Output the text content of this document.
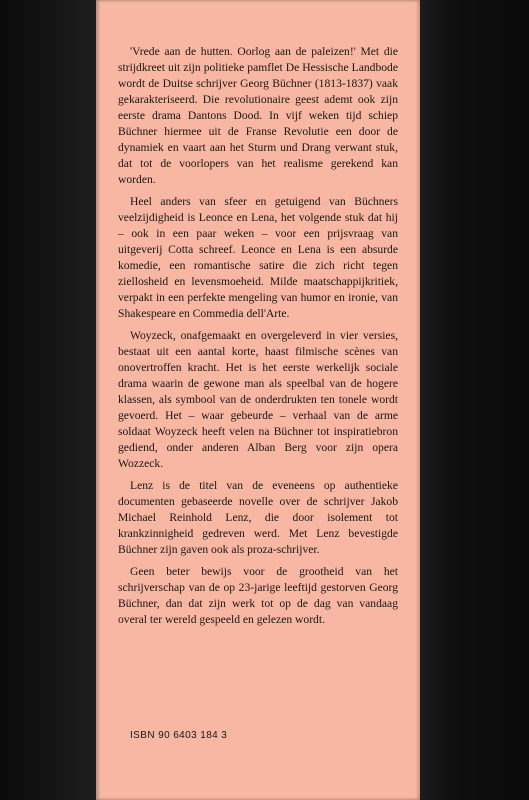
'Vrede aan de hutten. Oorlog aan de paleizen!' Met die strijdkreet uit zijn politieke pamflet De Hessische Landbode wordt de Duitse schrijver Georg Büchner (1813-1837) vaak gekarakteriseerd. Die revolutionaire geest ademt ook zijn eerste drama Dantons Dood. In vijf weken tijd schiep Büchner hiermee uit de Franse Revolutie een door de dynamiek en vaart aan het Sturm und Drang verwant stuk, dat tot de voorlopers van het realisme gerekend kan worden.

Heel anders van sfeer en getuigend van Büchners veelzijdigheid is Leonce en Lena, het volgende stuk dat hij – ook in een paar weken – voor een prijsvraag van uitgeverij Cotta schreef. Leonce en Lena is een absurde komedie, een romantische satire die zich richt tegen ziellosheid en levensmoeheid. Milde maatschappijkritiek, verpakt in een perfekte mengeling van humor en ironie, van Shakespeare en Commedia dell'Arte.

Woyzeck, onafgemaakt en overgeleverd in vier versies, bestaat uit een aantal korte, haast filmische scènes van onovertroffen kracht. Het is het eerste werkelijk sociale drama waarin de gewone man als speelbal van de hogere klassen, als symbool van de onderdrukten ten tonele wordt gevoerd. Het – waar gebeurde – verhaal van de arme soldaat Woyzeck heeft velen na Büchner tot inspiratiebron gediend, onder anderen Alban Berg voor zijn opera Wozzeck.

Lenz is de titel van de eveneens op authentieke documenten gebaseerde novelle over de schrijver Jakob Michael Reinhold Lenz, die door isolement tot krankzinnigheid gedreven werd. Met Lenz bevestigde Büchner zijn gaven ook als proza-schrijver.

Geen beter bewijs voor de grootheid van het schrijverschap van de op 23-jarige leeftijd gestorven Georg Büchner, dan dat zijn werk tot op de dag van vandaag overal ter wereld gespeeld en gelezen wordt.

ISBN 90 6403 184 3
